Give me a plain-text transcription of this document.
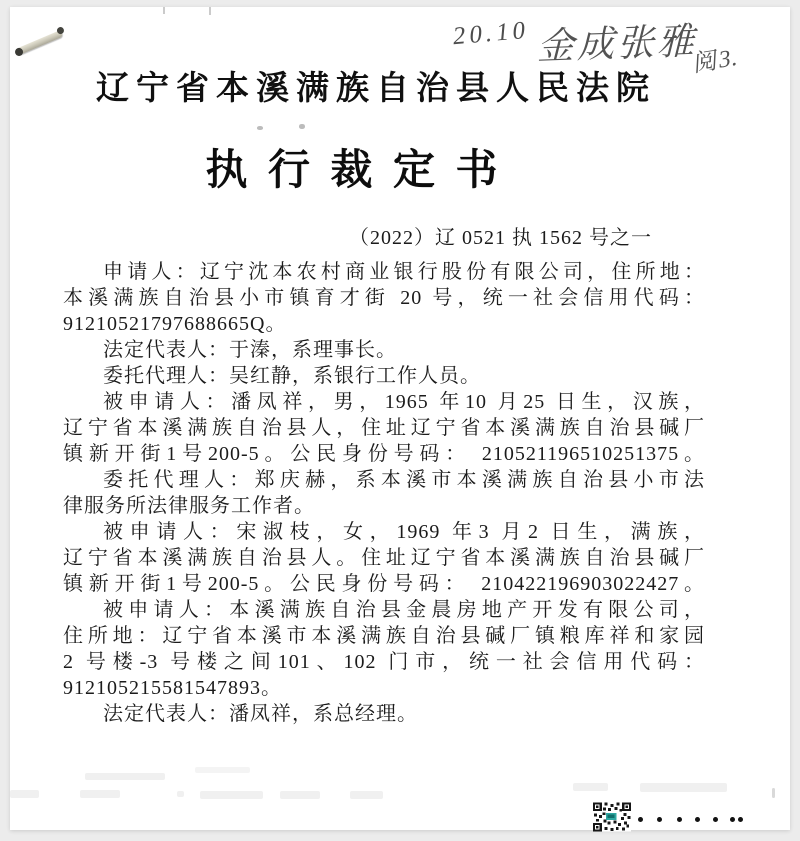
20.10 金成张雅
阅3.
辽宁省本溪满族自治县人民法院
执 行 裁 定 书
（2022）辽 0521 执 1562 号之一
申请人：辽宁沈本农村商业银行股份有限公司，住所地：
本溪满族自治县小市镇育才街 20 号，统一社会信用代码：
91210521797688665Q。
法定代表人：于溱，系理事长。
委托代理人：吴红静，系银行工作人员。
被申请人：潘凤祥，男，1965 年10 月25 日生，汉族，
辽宁省本溪满族自治县人，住址辽宁省本溪满族自治县碱厂
镇新开街1号200-5。公民身份号码： 210521196510251375。
委托代理人：郑庆赫，系本溪市本溪满族自治县小市法
律服务所法律服务工作者。
被申请人：宋淑枝，女，1969 年3 月2 日生，满族，
辽宁省本溪满族自治县人。住址辽宁省本溪满族自治县碱厂
镇新开街1号200-5。公民身份号码： 210422196903022427。
被申请人：本溪满族自治县金晨房地产开发有限公司，
住所地：辽宁省本溪市本溪满族自治县碱厂镇粮库祥和家园
2 号楼-3 号楼之间101、102 门市，统一社会信用代码：
912105215581547893。
法定代表人：潘凤祥，系总经理。
